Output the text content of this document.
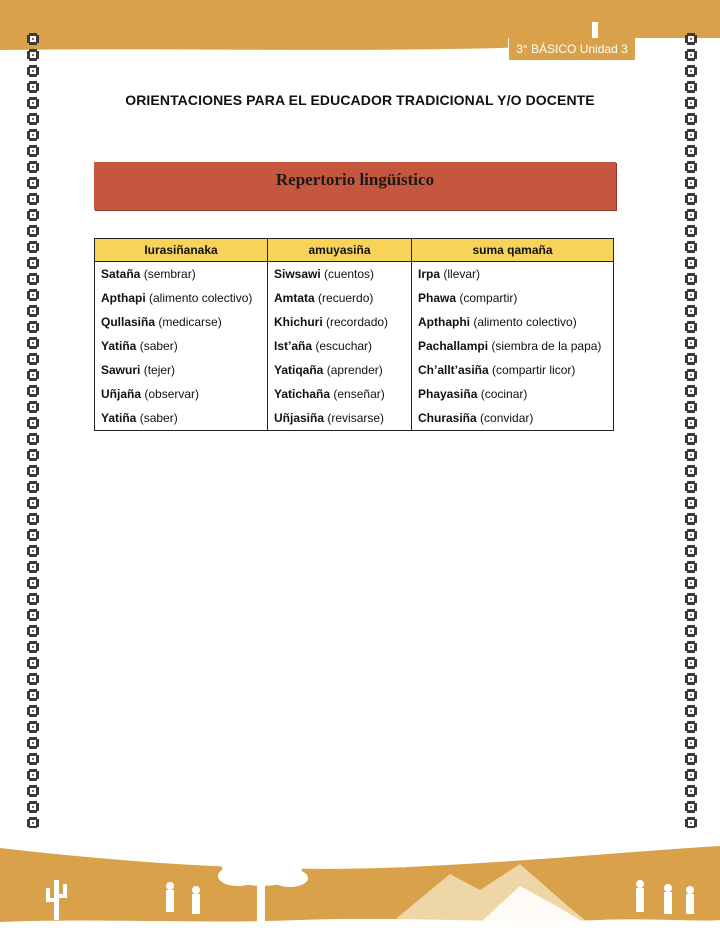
3° BÁSICO Unidad 3
ORIENTACIONES PARA EL EDUCADOR TRADICIONAL Y/O DOCENTE
Repertorio lingüístico
Iurasiñanaka	amuyasiña	suma qamaña
Sataña (sembrar)	Siwsawi (cuentos)	Irpa (llevar)
Apthapi (alimento colectivo)	Amtata (recuerdo)	Phawa (compartir)
Qullasiña (medicarse)	Khichuri (recordado)	Apthaphi (alimento colectivo)
Yatiña (saber)	Ist’aña (escuchar)	Pachallampi (siembra de la papa)
Sawuri (tejer)	Yatiqaña (aprender)	Ch’allt’asiña (compartir licor)
Uñjaña (observar)	Yatichaña (enseñar)	Phayasiña (cocinar)
Yatiña (saber)	Uñjasiña (revisarse)	Churasiña (convidar)
